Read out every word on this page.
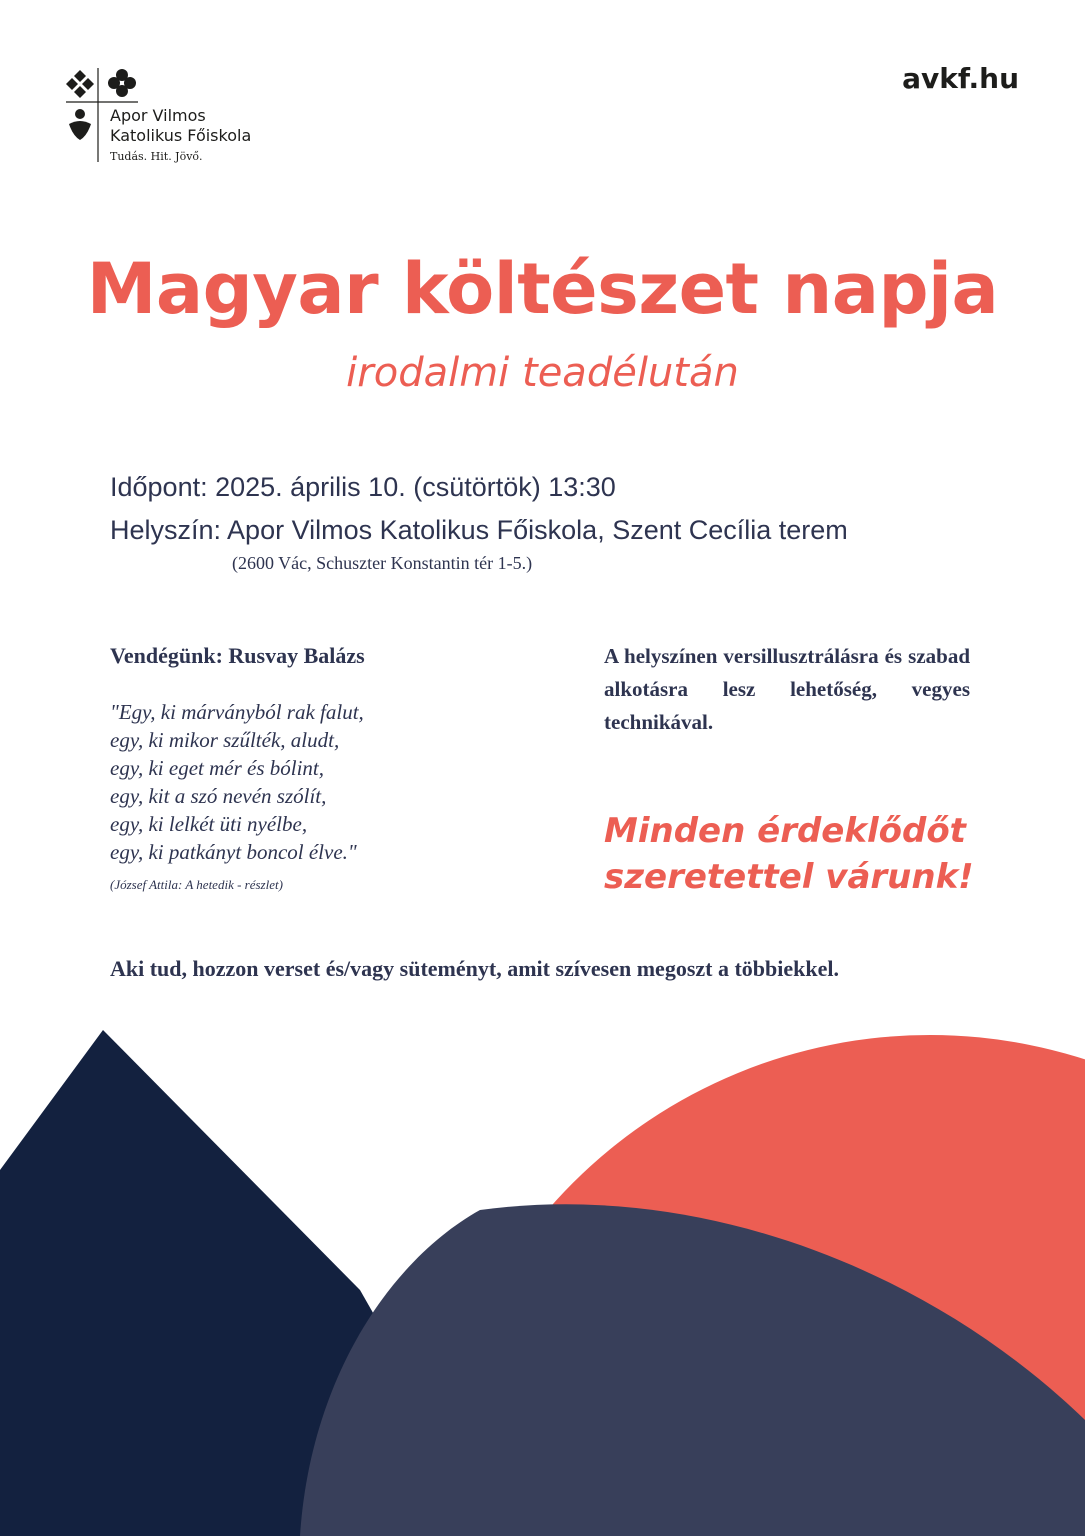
Apor Vilmos
Katolikus Főiskola
Tudás. Hit. Jövő.
avkf.hu
Magyar költészet napja
irodalmi teadélután
Időpont: 2025. április 10. (csütörtök) 13:30
Helyszín: Apor Vilmos Katolikus Főiskola, Szent Cecília terem
(2600 Vác, Schuszter Konstantin tér 1-5.)
Vendégünk: Rusvay Balázs
"Egy, ki márványból rak falut,
egy, ki mikor szűlték, aludt,
egy, ki eget mér és bólint,
egy, kit a szó nevén szólít,
egy, ki lelkét üti nyélbe,
egy, ki patkányt boncol élve."
(József Attila: A hetedik - részlet)
A helyszínen versillusztrálásra és szabad alkotásra lesz lehetőség, vegyes technikával.
Minden érdeklődőt
szeretettel várunk!
Aki tud, hozzon verset és/vagy süteményt, amit szívesen megoszt a többiekkel.
